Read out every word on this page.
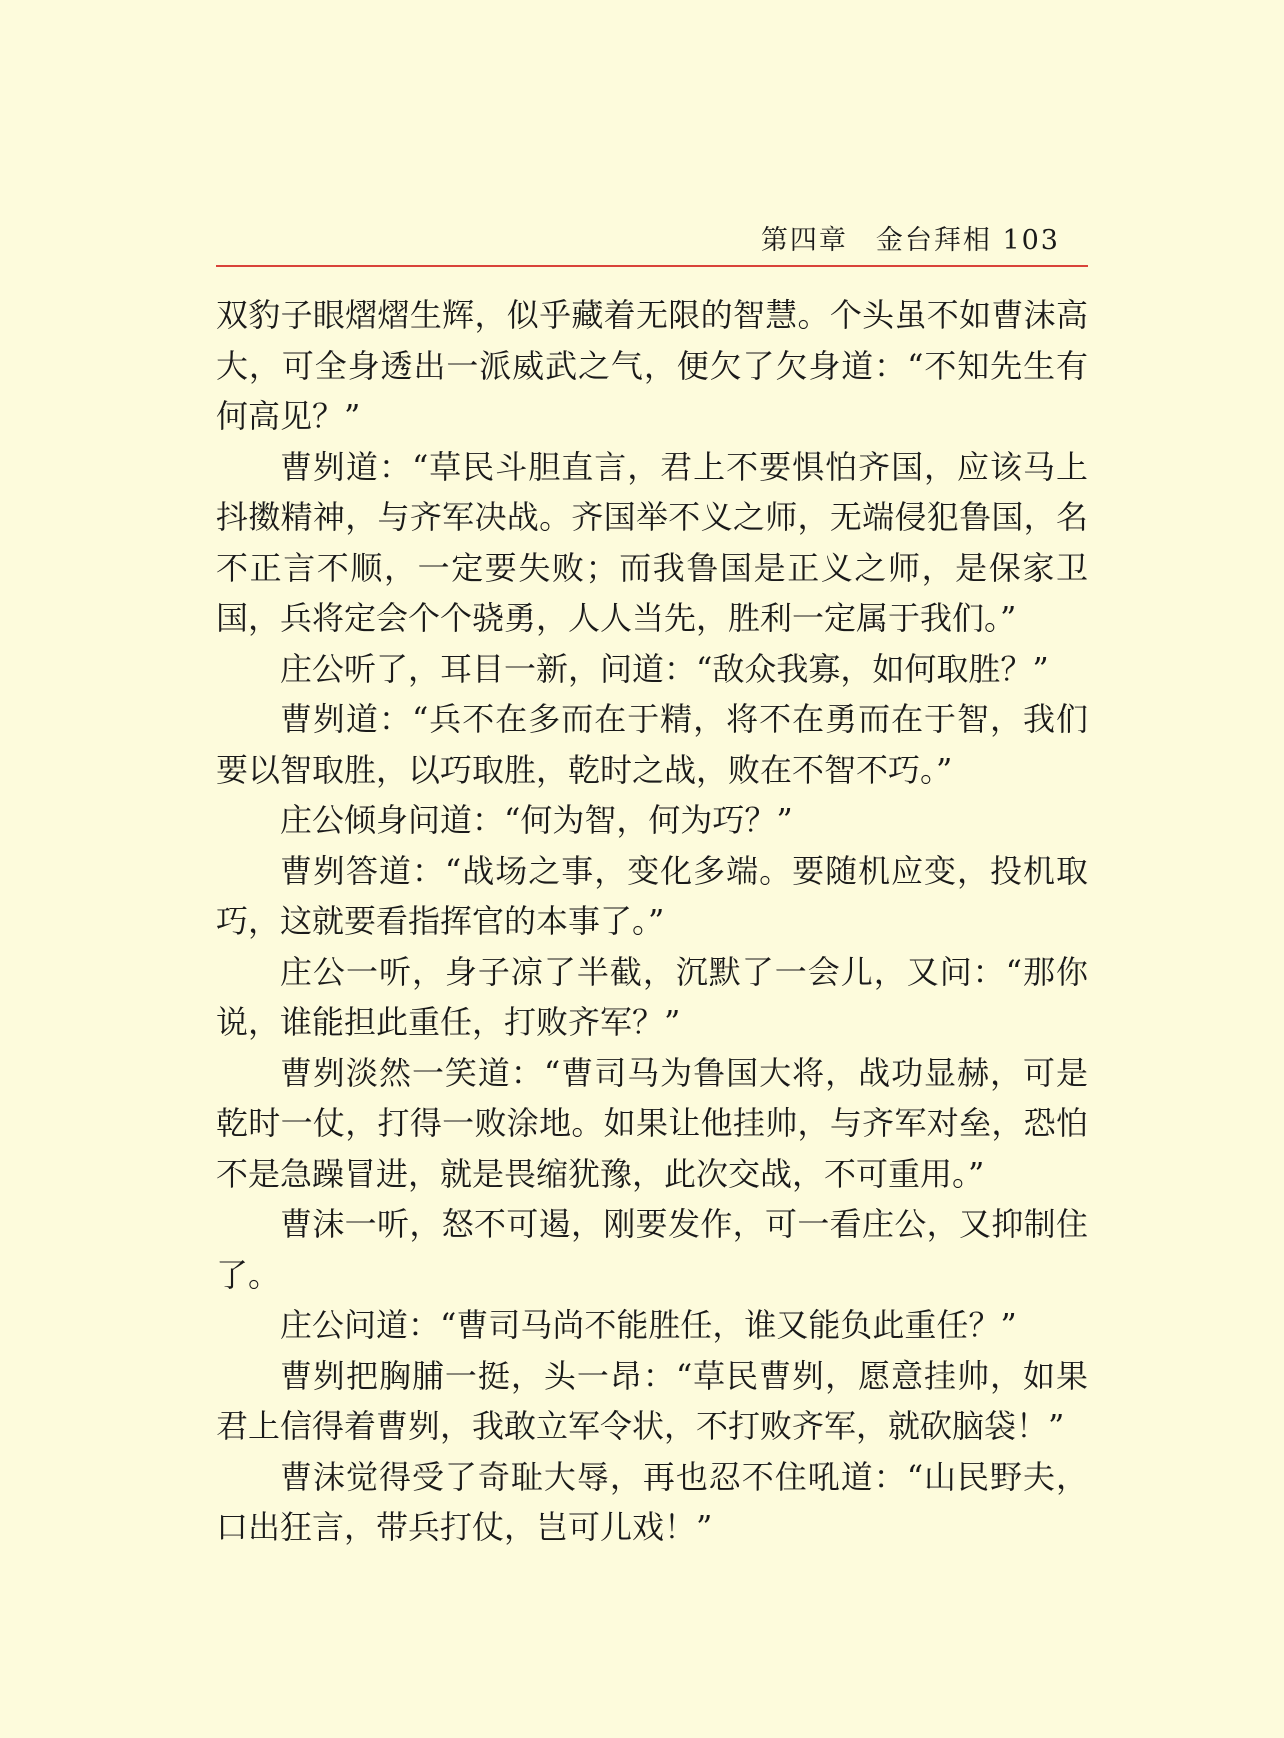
第四章 金台拜相 103

双豹子眼熠熠生辉，似乎藏着无限的智慧。个头虽不如曹沫高大，可全身透出一派威武之气，便欠了欠身道：“不知先生有何高见？”

曹刿道：“草民斗胆直言，君上不要惧怕齐国，应该马上抖擞精神，与齐军决战。齐国举不义之师，无端侵犯鲁国，名不正言不顺，一定要失败；而我鲁国是正义之师，是保家卫国，兵将定会个个骁勇，人人当先，胜利一定属于我们。”

庄公听了，耳目一新，问道：“敌众我寡，如何取胜？”

曹刿道：“兵不在多而在于精，将不在勇而在于智，我们要以智取胜，以巧取胜，乾时之战，败在不智不巧。”

庄公倾身问道：“何为智，何为巧？”

曹刿答道：“战场之事，变化多端。要随机应变，投机取巧，这就要看指挥官的本事了。”

庄公一听，身子凉了半截，沉默了一会儿，又问：“那你说，谁能担此重任，打败齐军？”

曹刿淡然一笑道：“曹司马为鲁国大将，战功显赫，可是乾时一仗，打得一败涂地。如果让他挂帅，与齐军对垒，恐怕不是急躁冒进，就是畏缩犹豫，此次交战，不可重用。”

曹沫一听，怒不可遏，刚要发作，可一看庄公，又抑制住了。

庄公问道：“曹司马尚不能胜任，谁又能负此重任？”

曹刿把胸脯一挺，头一昂：“草民曹刿，愿意挂帅，如果君上信得着曹刿，我敢立军令状，不打败齐军，就砍脑袋！”

曹沫觉得受了奇耻大辱，再也忍不住吼道：“山民野夫，口出狂言，带兵打仗，岂可儿戏！”
